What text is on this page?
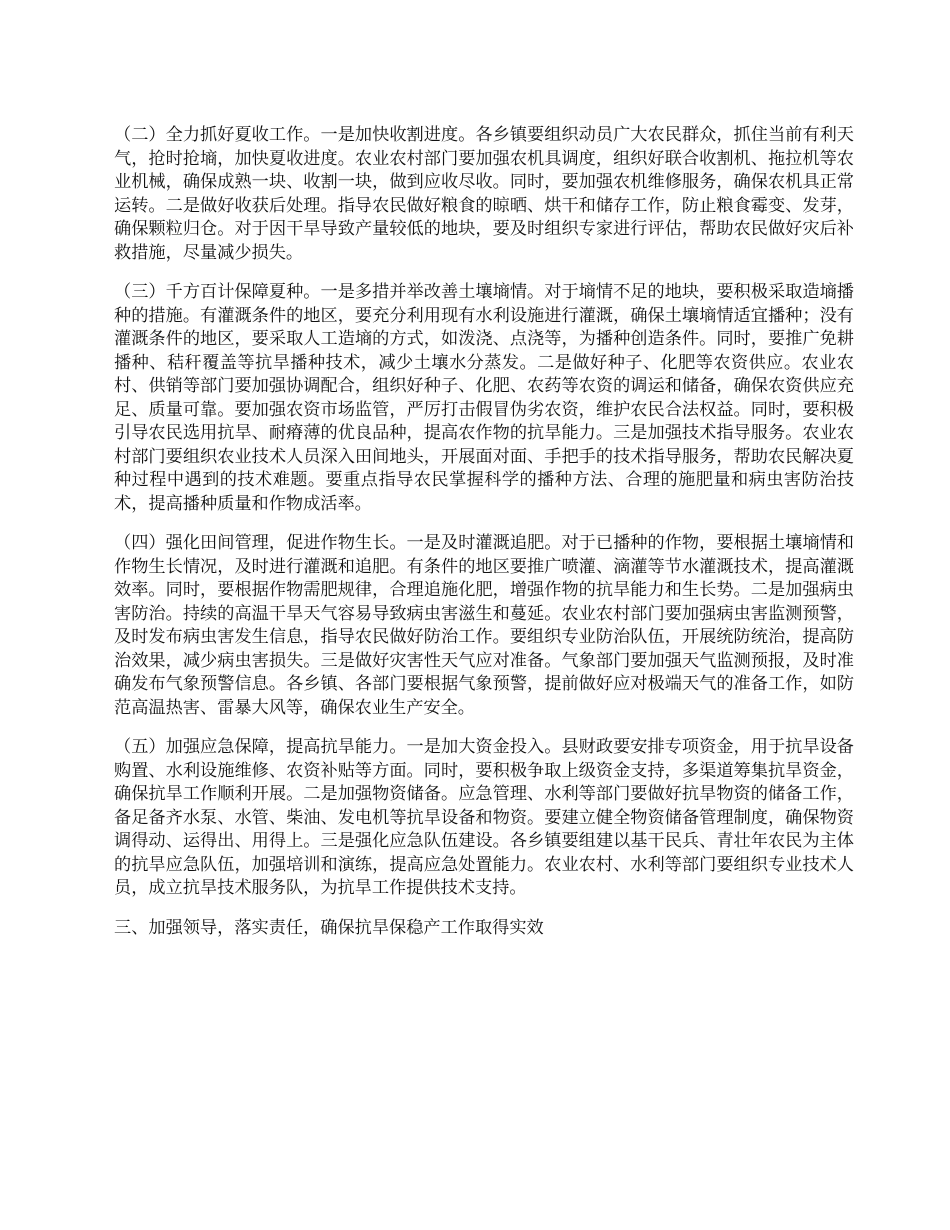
（二）全力抓好夏收工作。一是加快收割进度。各乡镇要组织动员广大农民群众，抓住当前有利天气，抢时抢墒，加快夏收进度。农业农村部门要加强农机具调度，组织好联合收割机、拖拉机等农业机械，确保成熟一块、收割一块，做到应收尽收。同时，要加强农机维修服务，确保农机具正常运转。二是做好收获后处理。指导农民做好粮食的晾晒、烘干和储存工作，防止粮食霉变、发芽，确保颗粒归仓。对于因干旱导致产量较低的地块，要及时组织专家进行评估，帮助农民做好灾后补救措施，尽量减少损失。

（三）千方百计保障夏种。一是多措并举改善土壤墒情。对于墒情不足的地块，要积极采取造墒播种的措施。有灌溉条件的地区，要充分利用现有水利设施进行灌溉，确保土壤墒情适宜播种；没有灌溉条件的地区，要采取人工造墒的方式，如泼浇、点浇等，为播种创造条件。同时，要推广免耕播种、秸秆覆盖等抗旱播种技术，减少土壤水分蒸发。二是做好种子、化肥等农资供应。农业农村、供销等部门要加强协调配合，组织好种子、化肥、农药等农资的调运和储备，确保农资供应充足、质量可靠。要加强农资市场监管，严厉打击假冒伪劣农资，维护农民合法权益。同时，要积极引导农民选用抗旱、耐瘠薄的优良品种，提高农作物的抗旱能力。三是加强技术指导服务。农业农村部门要组织农业技术人员深入田间地头，开展面对面、手把手的技术指导服务，帮助农民解决夏种过程中遇到的技术难题。要重点指导农民掌握科学的播种方法、合理的施肥量和病虫害防治技术，提高播种质量和作物成活率。

（四）强化田间管理，促进作物生长。一是及时灌溉追肥。对于已播种的作物，要根据土壤墒情和作物生长情况，及时进行灌溉和追肥。有条件的地区要推广喷灌、滴灌等节水灌溉技术，提高灌溉效率。同时，要根据作物需肥规律，合理追施化肥，增强作物的抗旱能力和生长势。二是加强病虫害防治。持续的高温干旱天气容易导致病虫害滋生和蔓延。农业农村部门要加强病虫害监测预警，及时发布病虫害发生信息，指导农民做好防治工作。要组织专业防治队伍，开展统防统治，提高防治效果，减少病虫害损失。三是做好灾害性天气应对准备。气象部门要加强天气监测预报，及时准确发布气象预警信息。各乡镇、各部门要根据气象预警，提前做好应对极端天气的准备工作，如防范高温热害、雷暴大风等，确保农业生产安全。

（五）加强应急保障，提高抗旱能力。一是加大资金投入。县财政要安排专项资金，用于抗旱设备购置、水利设施维修、农资补贴等方面。同时，要积极争取上级资金支持，多渠道筹集抗旱资金，确保抗旱工作顺利开展。二是加强物资储备。应急管理、水利等部门要做好抗旱物资的储备工作，备足备齐水泵、水管、柴油、发电机等抗旱设备和物资。要建立健全物资储备管理制度，确保物资调得动、运得出、用得上。三是强化应急队伍建设。各乡镇要组建以基干民兵、青壮年农民为主体的抗旱应急队伍，加强培训和演练，提高应急处置能力。农业农村、水利等部门要组织专业技术人员，成立抗旱技术服务队，为抗旱工作提供技术支持。

三、加强领导，落实责任，确保抗旱保稳产工作取得实效
